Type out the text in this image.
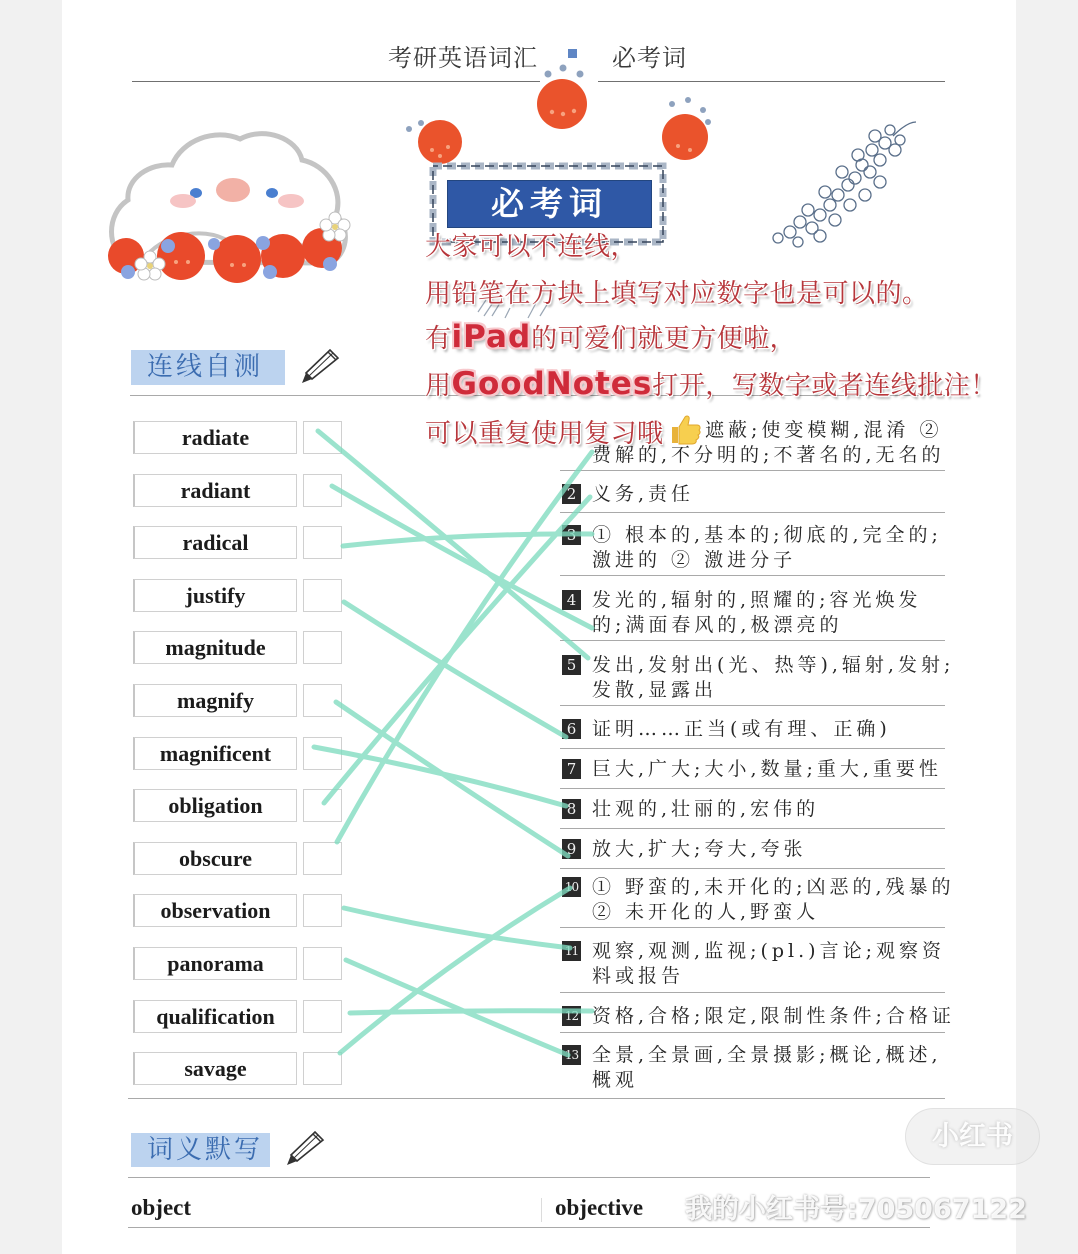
考研英语词汇	必考词
必考词
连线自测
radiate
radiant
radical
justify
magnitude
magnify
magnificent
obligation
obscure
observation
panorama
qualification
savage
遮蔽;使变模糊,混淆 ②
费解的,不分明的;不著名的,无名的
2 义务,责任
3 ① 根本的,基本的;彻底的,完全的;
激进的 ② 激进分子
4 发光的,辐射的,照耀的;容光焕发
的;满面春风的,极漂亮的
5 发出,发射出(光、热等),辐射,发射;
发散,显露出
6 证明……正当(或有理、正确)
7 巨大,广大;大小,数量;重大,重要性
8 壮观的,壮丽的,宏伟的
9 放大,扩大;夸大,夸张
10 ① 野蛮的,未开化的;凶恶的,残暴的
② 未开化的人,野蛮人
11 观察,观测,监视;(pl.)言论;观察资
料或报告
12 资格,合格;限定,限制性条件;合格证
13 全景,全景画,全景摄影;概论,概述,
概观
大家可以不连线，
用铅笔在方块上填写对应数字也是可以的。
有iPad的可爱们就更方便啦，
用GoodNotes打开，写数字或者连线批注！
可以重复使用复习哦
词义默写
object	objective
小红书
我的小红书号:705067122
